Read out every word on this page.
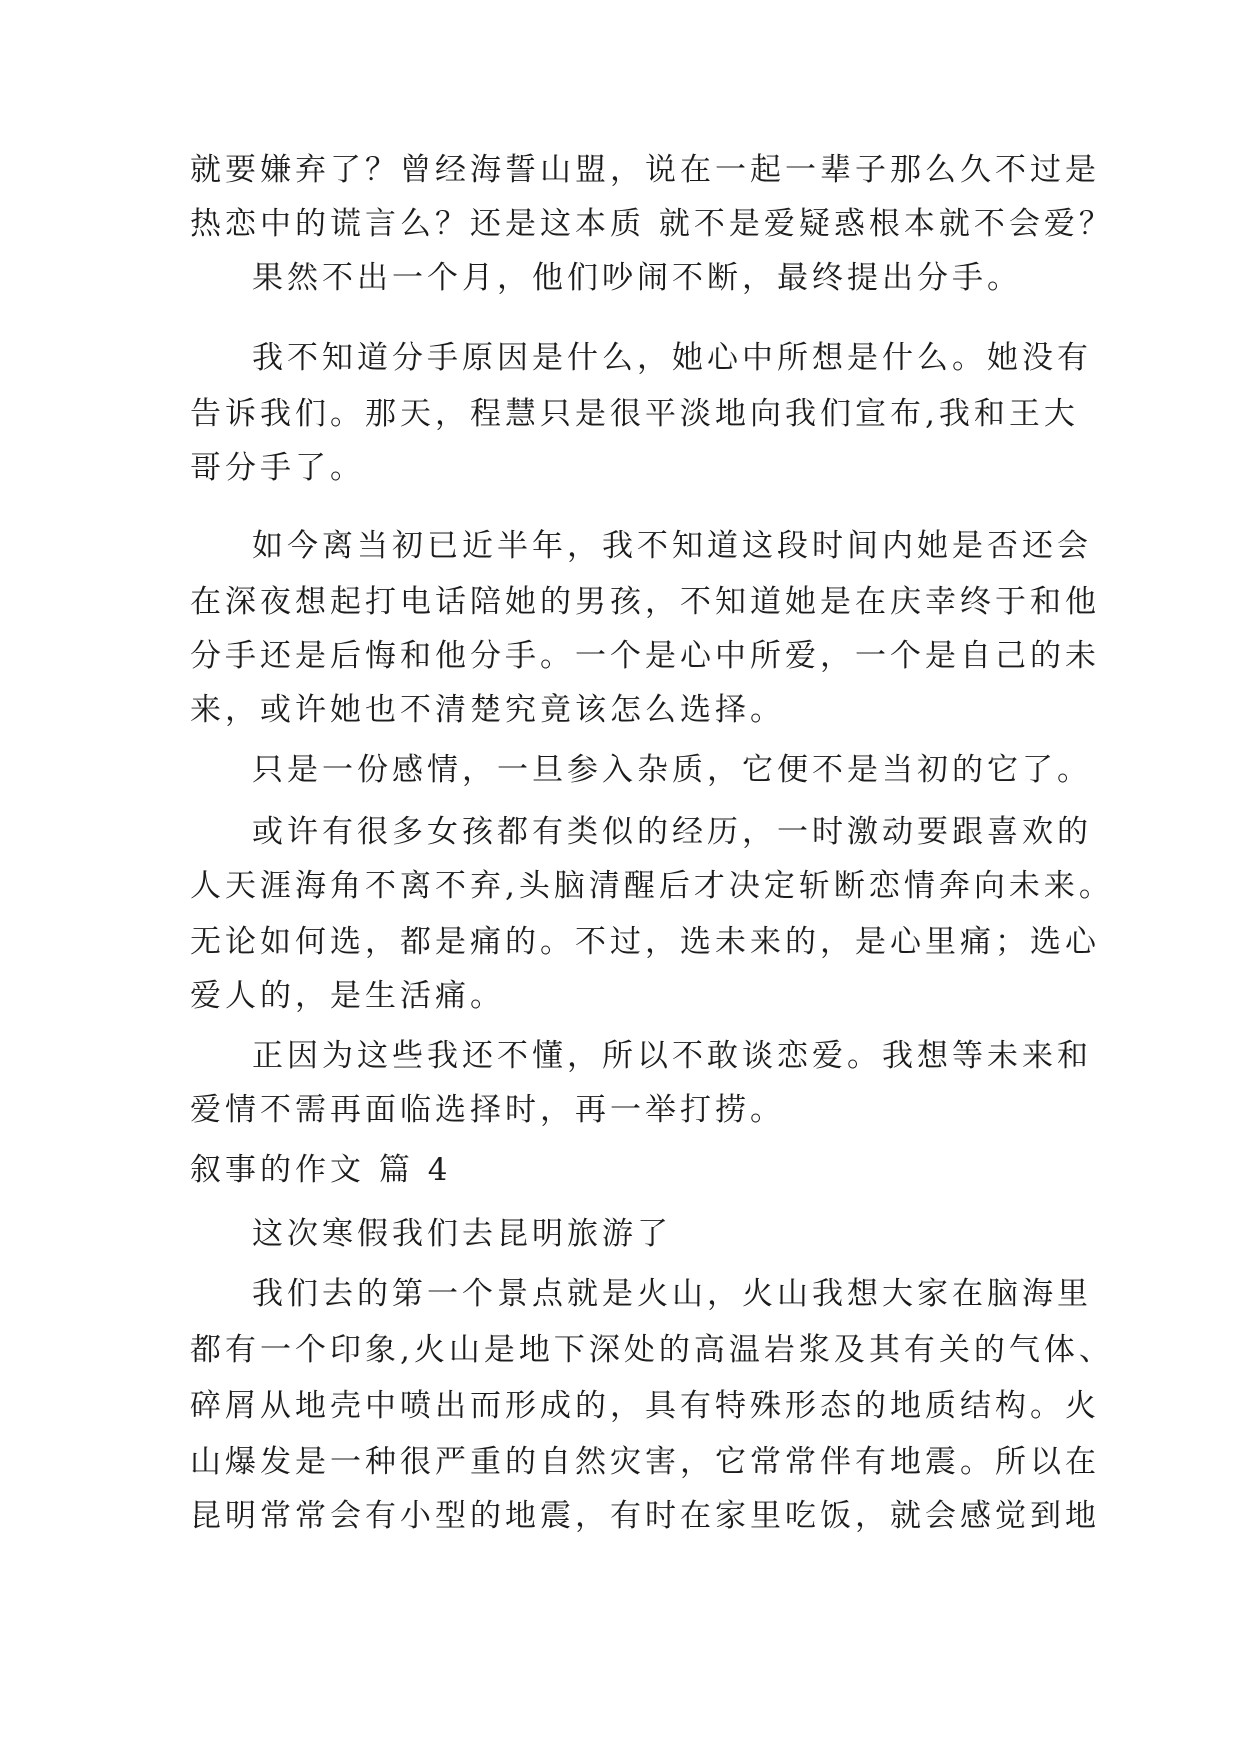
就要嫌弃了？曾经海誓山盟，说在一起一辈子那么久不过是
热恋中的谎言么？还是这本质 就不是爱疑惑根本就不会爱？
果然不出一个月，他们吵闹不断，最终提出分手。
我不知道分手原因是什么，她心中所想是什么。她没有
告诉我们。那天，程慧只是很平淡地向我们宣布,我和王大
哥分手了。
如今离当初已近半年，我不知道这段时间内她是否还会
在深夜想起打电话陪她的男孩，不知道她是在庆幸终于和他
分手还是后悔和他分手。一个是心中所爱，一个是自己的未
来，或许她也不清楚究竟该怎么选择。
只是一份感情，一旦参入杂质，它便不是当初的它了。
或许有很多女孩都有类似的经历，一时激动要跟喜欢的
人天涯海角不离不弃,头脑清醒后才决定斩断恋情奔向未来。
无论如何选，都是痛的。不过，选未来的，是心里痛；选心
爱人的，是生活痛。
正因为这些我还不懂，所以不敢谈恋爱。我想等未来和
爱情不需再面临选择时，再一举打捞。
叙事的作文 篇 4
这次寒假我们去昆明旅游了
我们去的第一个景点就是火山，火山我想大家在脑海里
都有一个印象,火山是地下深处的高温岩浆及其有关的气体、
碎屑从地壳中喷出而形成的，具有特殊形态的地质结构。火
山爆发是一种很严重的自然灾害，它常常伴有地震。所以在
昆明常常会有小型的地震，有时在家里吃饭，就会感觉到地
